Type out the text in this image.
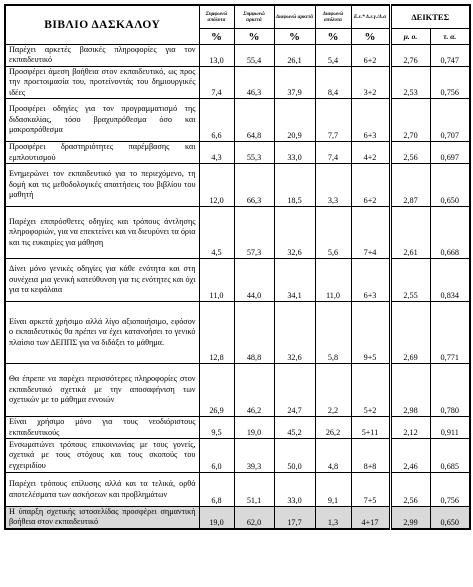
ΒΙΒΛΙΟ ΔΑΣΚΑΛΟΥ	Συμφωνώ απόλυτα	Συμφωνώ αρκετά	Διαφωνώ αρκετά	Διαφωνώ απόλυτα	Ε.ε.* Δ.ε.γ./Δ.α	ΔΕΙΚΤΕΣ	
	%	%	%	%	%	μ. ο.	τ. α.
Παρέχει αρκετές βασικές πληροφορίες για τον εκπαιδευτικό	13,0	55,4	26,1	5,4	6+2	2,76	0,747
Προσφέρει άμεση βοήθεια στον εκπαιδευτικό, ως προς την προετοιμασία του, προτείνοντάς του δημιουργικές ιδέες	7,4	46,3	37,9	8,4	3+2	2,53	0,756
Προσφέρει οδηγίες για τον προγραμματισμό της διδασκαλίας, τόσο βραχυπρόθεσμα όσο και μακροπρόθεσμα	6,6	64,8	20,9	7,7	6+3	2,70	0,707
Προσφέρει δραστηριότητες παρέμβασης και εμπλουτισμού	4,3	55,3	33,0	7,4	4+2	2,56	0,697
Ενημερώνει τον εκπαιδευτικό για το περιεχόμενο, τη δομή και τις μεθοδολογικές απαιτήσεις του βιβλίου του μαθητή	12,0	66,3	18,5	3,3	6+2	2,87	0,650
Παρέχει επιπρόσθετες οδηγίες και τρόπους άντλησης πληροφοριών, για να επεκτείνει και να διευρύνει τα όρια και τις ευκαιρίες για μάθηση	4,5	57,3	32,6	5,6	7+4	2,61	0,668
Δίνει μόνο γενικές οδηγίες για κάθε ενότητα και στη συνέχεια μια γενική κατεύθυνση για τις ενότητες και όχι για τα κεφάλαια	11,0	44,0	34,1	11,0	6+3	2,55	0,834
Είναι αρκετά χρήσιμο αλλά λίγο αξιοποιήσιμο, εφόσον ο εκπαιδευτικός θα πρέπει να έχει κατανοήσει το γενικό πλαίσιο των ΔΕΠΠΣ για να διδάξει το μάθημα.	12,8	48,8	32,6	5,8	9+5	2,69	0,771
Θα έπρεπε να παρέχει περισσότερες πληροφορίες στον εκπαιδευτικό σχετικά με την αποσαφήνιση των σχετικών με το μάθημα εννοιών	26,9	46,2	24,7	2,2	5+2	2,98	0,780
Είναι χρήσιμο μόνο για τους νεοδιόριστους εκπαιδευτικούς	9,5	19,0	45,2	26,2	5+11	2,12	0,911
Ενσωματώνει τρόπους επικοινωνίας με τους γονείς, σχετικά με τους στόχους και τους σκοπούς του εγχειριδίου	6,0	39,3	50,0	4,8	8+8	2,46	0,685
Παρέχει τρόπους επίλυσης αλλά και τα τελικά, ορθά αποτελέσματα των ασκήσεων και προβλημάτων	6,8	51,1	33,0	9,1	7+5	2,56	0,756
Η ύπαρξη σχετικής ιστοσελίδας προσφέρει σημαντική βοήθεια στον εκπαιδευτικό	19,0	62,0	17,7	1,3	4+17	2,99	0,650
